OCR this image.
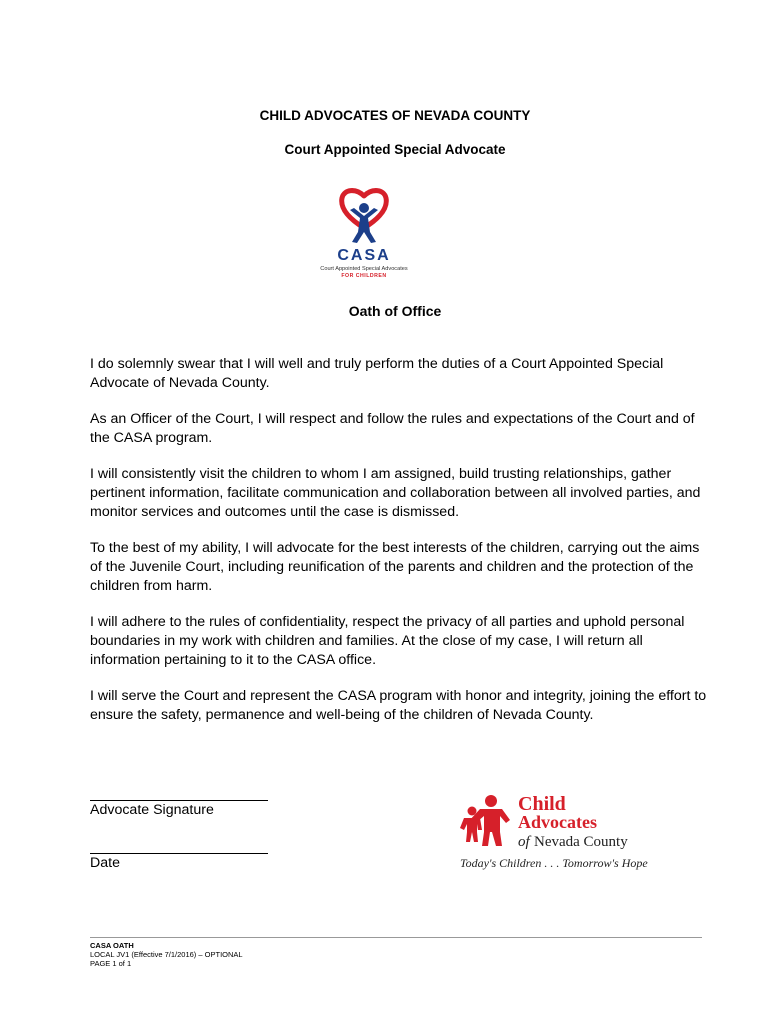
CHILD ADVOCATES OF NEVADA COUNTY
Court Appointed Special Advocate
CASA
Court Appointed Special Advocates
FOR CHILDREN
Oath of Office

I do solemnly swear that I will well and truly perform the duties of a Court Appointed Special Advocate of Nevada County.

As an Officer of the Court, I will respect and follow the rules and expectations of the Court and of the CASA program.

I will consistently visit the children to whom I am assigned, build trusting relationships, gather pertinent information, facilitate communication and collaboration between all involved parties, and monitor services and outcomes until the case is dismissed.

To the best of my ability, I will advocate for the best interests of the children, carrying out the aims of the Juvenile Court, including reunification of the parents and children and the protection of the children from harm.

I will adhere to the rules of confidentiality, respect the privacy of all parties and uphold personal boundaries in my work with children and families. At the close of my case, I will return all information pertaining to it to the CASA office.

I will serve the Court and represent the CASA program with honor and integrity, joining the effort to ensure the safety, permanence and well-being of the children of Nevada County.

Advocate Signature
Date
Child
Advocates
of Nevada County
Today's Children . . . Tomorrow's Hope
CASA OATH
LOCAL JV1 (Effective 7/1/2016) – OPTIONAL
PAGE 1 of 1
